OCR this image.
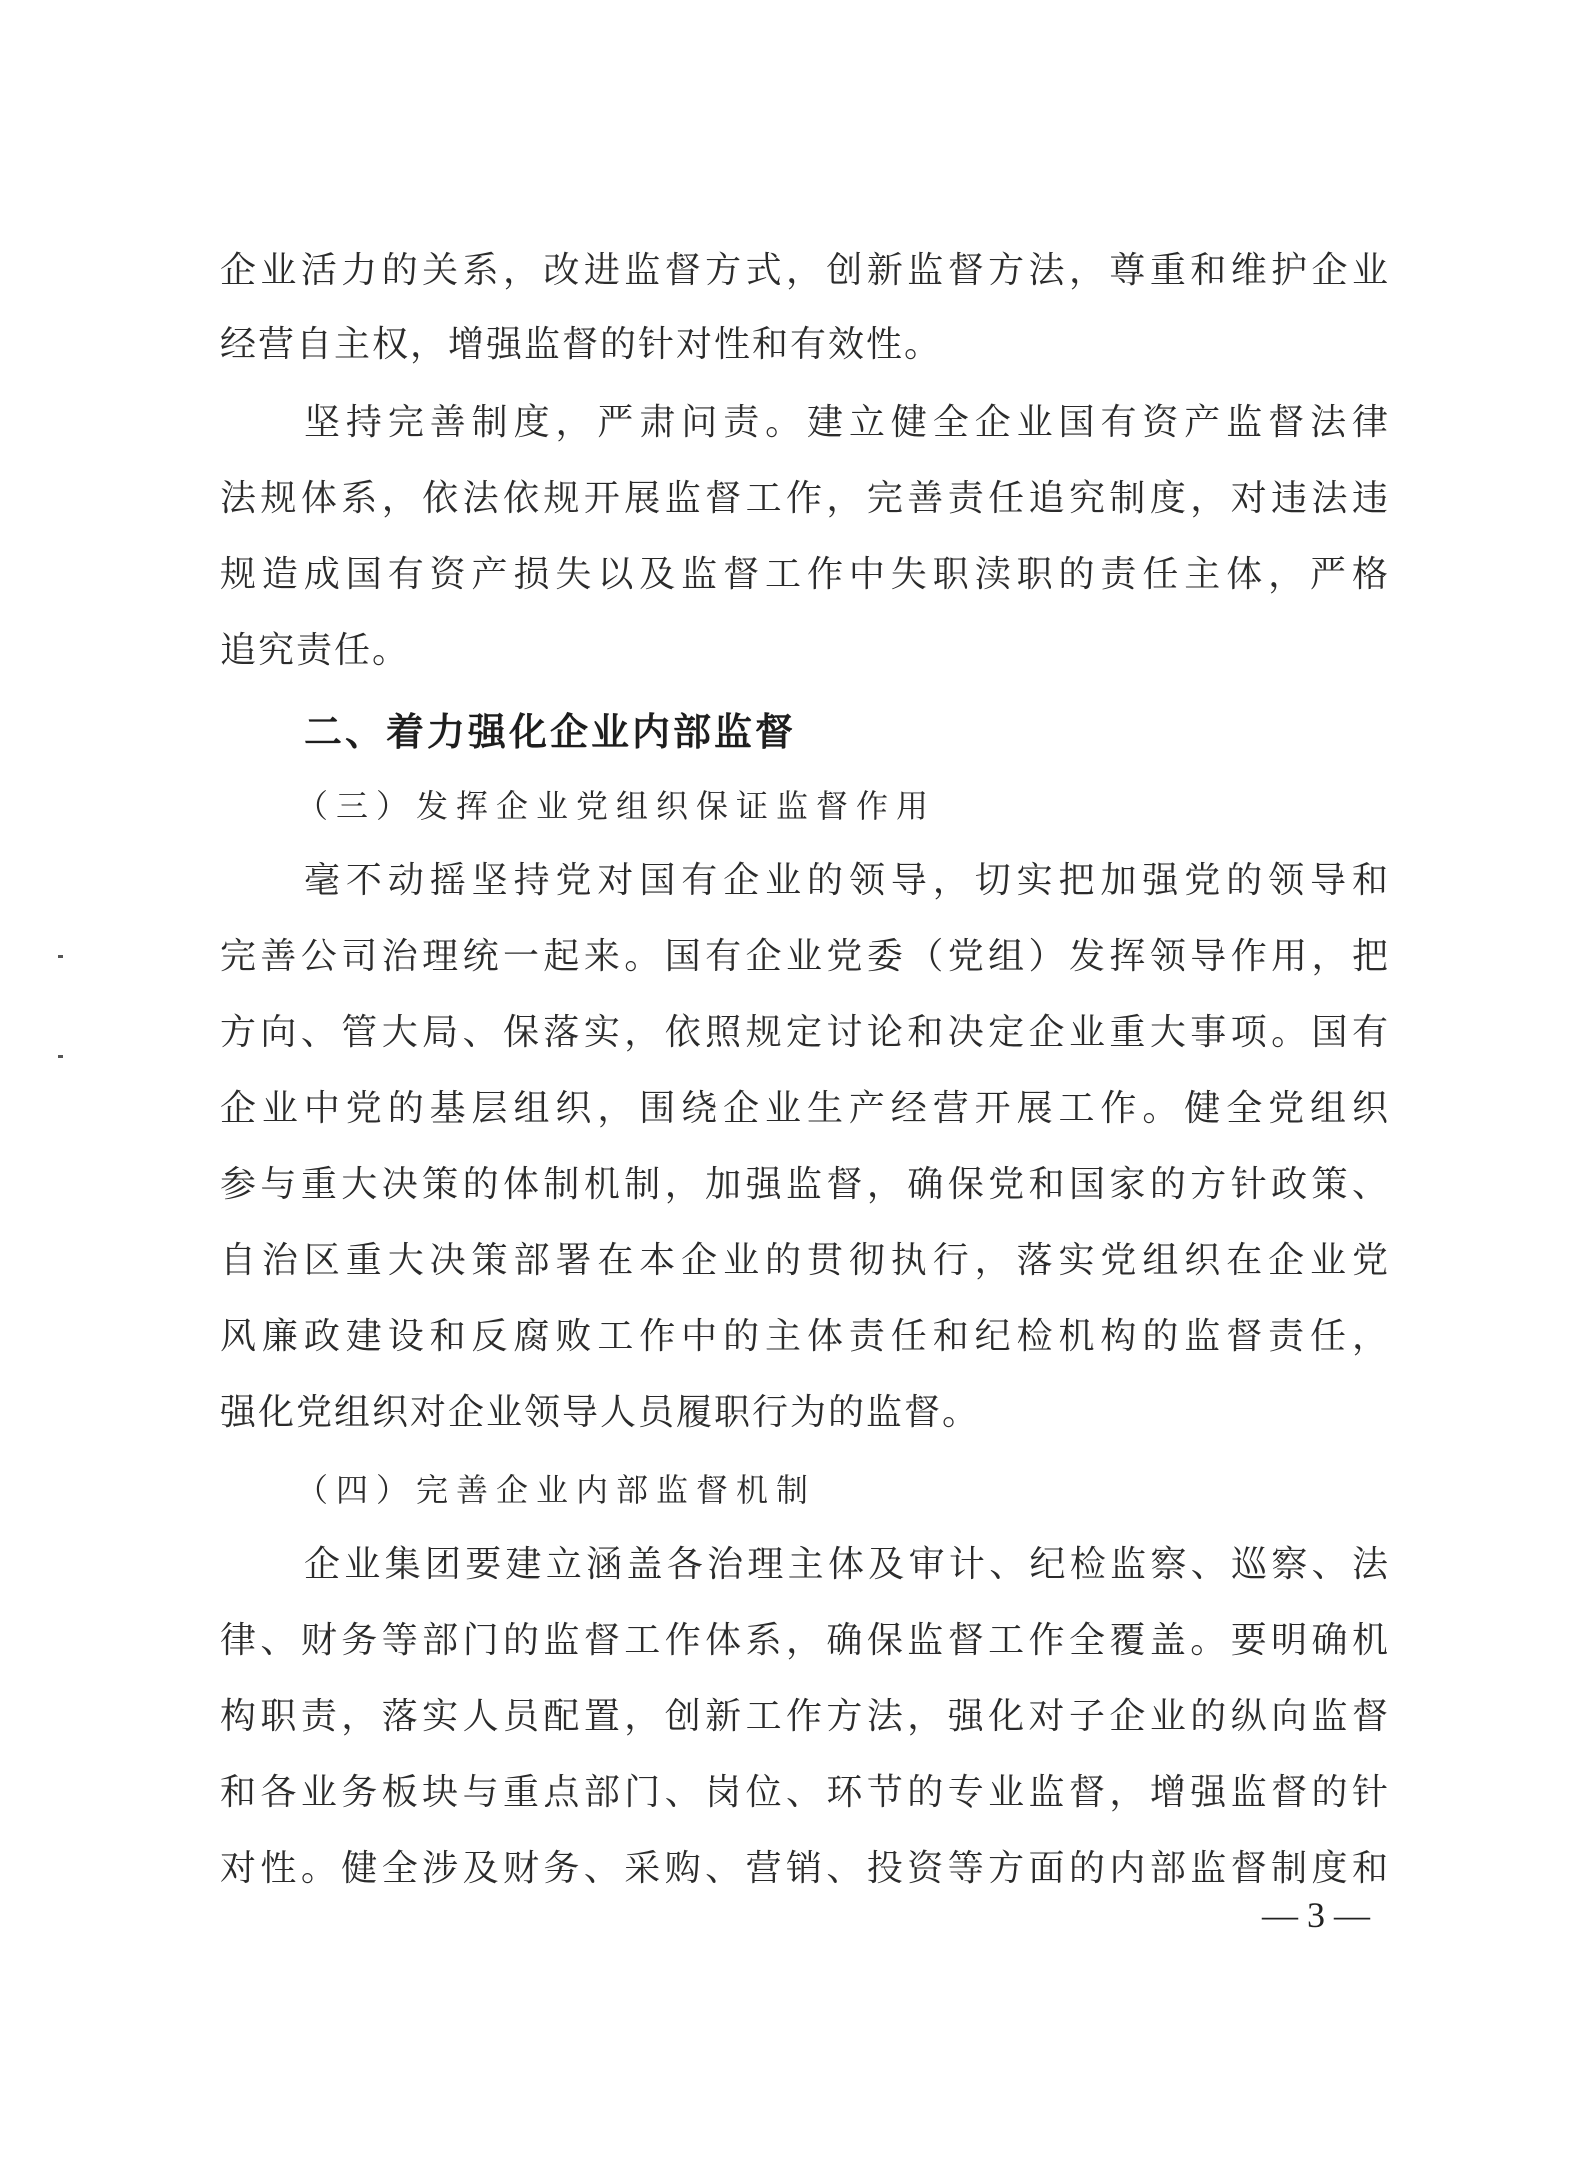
企业活力的关系，改进监督方式，创新监督方法，尊重和维护企业
经营自主权，增强监督的针对性和有效性。
坚持完善制度，严肃问责。建立健全企业国有资产监督法律
法规体系，依法依规开展监督工作，完善责任追究制度，对违法违
规造成国有资产损失以及监督工作中失职渎职的责任主体，严格
追究责任。
二、着力强化企业内部监督
（三）发挥企业党组织保证监督作用
毫不动摇坚持党对国有企业的领导，切实把加强党的领导和
完善公司治理统一起来。国有企业党委（党组）发挥领导作用，把
方向、管大局、保落实，依照规定讨论和决定企业重大事项。国有
企业中党的基层组织，围绕企业生产经营开展工作。健全党组织
参与重大决策的体制机制，加强监督，确保党和国家的方针政策、
自治区重大决策部署在本企业的贯彻执行，落实党组织在企业党
风廉政建设和反腐败工作中的主体责任和纪检机构的监督责任，
强化党组织对企业领导人员履职行为的监督。
（四）完善企业内部监督机制
企业集团要建立涵盖各治理主体及审计、纪检监察、巡察、法
律、财务等部门的监督工作体系，确保监督工作全覆盖。要明确机
构职责，落实人员配置，创新工作方法，强化对子企业的纵向监督
和各业务板块与重点部门、岗位、环节的专业监督，增强监督的针
对性。健全涉及财务、采购、营销、投资等方面的内部监督制度和
— 3 —
